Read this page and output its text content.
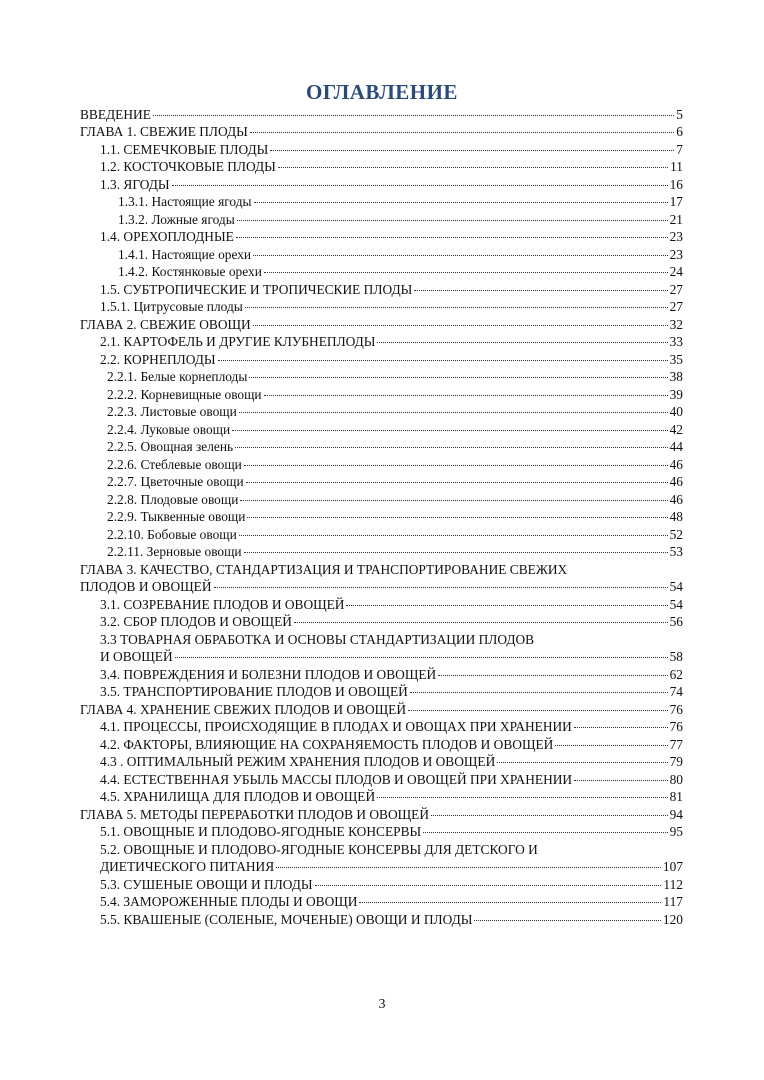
ОГЛАВЛЕНИЕ
ВВЕДЕНИЕ	5
ГЛАВА 1. СВЕЖИЕ ПЛОДЫ	6
1.1. СЕМЕЧКОВЫЕ ПЛОДЫ	7
1.2. КОСТОЧКОВЫЕ ПЛОДЫ	11
1.3. ЯГОДЫ	16
1.3.1. Настоящие ягоды	17
1.3.2. Ложные ягоды	21
1.4. ОРЕХОПЛОДНЫЕ	23
1.4.1. Настоящие орехи	23
1.4.2. Костянковые орехи	24
1.5. СУБТРОПИЧЕСКИЕ И ТРОПИЧЕСКИЕ ПЛОДЫ	27
1.5.1. Цитрусовые плоды	27
ГЛАВА 2. СВЕЖИЕ ОВОЩИ	32
2.1. КАРТОФЕЛЬ И ДРУГИЕ КЛУБНЕПЛОДЫ	33
2.2. КОРНЕПЛОДЫ	35
2.2.1. Белые корнеплоды	38
2.2.2. Корневищные овощи	39
2.2.3. Листовые овощи	40
2.2.4. Луковые овощи	42
2.2.5. Овощная зелень	44
2.2.6. Стеблевые овощи	46
2.2.7. Цветочные овощи	46
2.2.8. Плодовые овощи	46
2.2.9. Тыквенные овощи	48
2.2.10. Бобовые овощи	52
2.2.11. Зерновые овощи	53
ГЛАВА 3. КАЧЕСТВО, СТАНДАРТИЗАЦИЯ И ТРАНСПОРТИРОВАНИЕ СВЕЖИХ
ПЛОДОВ И ОВОЩЕЙ	54
3.1. СОЗРЕВАНИЕ ПЛОДОВ И ОВОЩЕЙ	54
3.2. СБОР ПЛОДОВ И ОВОЩЕЙ	56
3.3 ТОВАРНАЯ ОБРАБОТКА И ОСНОВЫ СТАНДАРТИЗАЦИИ ПЛОДОВ
И ОВОЩЕЙ	58
3.4. ПОВРЕЖДЕНИЯ И БОЛЕЗНИ ПЛОДОВ И ОВОЩЕЙ	62
3.5. ТРАНСПОРТИРОВАНИЕ ПЛОДОВ И ОВОЩЕЙ	74
ГЛАВА 4. ХРАНЕНИЕ СВЕЖИХ ПЛОДОВ И ОВОЩЕЙ	76
4.1. ПРОЦЕССЫ, ПРОИСХОДЯЩИЕ В ПЛОДАХ И ОВОЩАХ ПРИ ХРАНЕНИИ	76
4.2. ФАКТОРЫ, ВЛИЯЮЩИЕ НА СОХРАНЯЕМОСТЬ ПЛОДОВ И ОВОЩЕЙ	77
4.3 . ОПТИМАЛЬНЫЙ РЕЖИМ ХРАНЕНИЯ ПЛОДОВ И ОВОЩЕЙ	79
4.4. ЕСТЕСТВЕННАЯ УБЫЛЬ МАССЫ ПЛОДОВ И ОВОЩЕЙ ПРИ ХРАНЕНИИ	80
4.5. ХРАНИЛИЩА ДЛЯ ПЛОДОВ И ОВОЩЕЙ	81
ГЛАВА 5. МЕТОДЫ ПЕРЕРАБОТКИ ПЛОДОВ И ОВОЩЕЙ	94
5.1. ОВОЩНЫЕ И ПЛОДОВО-ЯГОДНЫЕ КОНСЕРВЫ	95
5.2. ОВОЩНЫЕ И ПЛОДОВО-ЯГОДНЫЕ КОНСЕРВЫ ДЛЯ ДЕТСКОГО И
ДИЕТИЧЕСКОГО ПИТАНИЯ	107
5.3. СУШЕНЫЕ ОВОЩИ И ПЛОДЫ	112
5.4. ЗАМОРОЖЕННЫЕ ПЛОДЫ И ОВОЩИ	117
5.5. КВАШЕНЫЕ (СОЛЕНЫЕ, МОЧЕНЫЕ) ОВОЩИ И ПЛОДЫ	120
3
